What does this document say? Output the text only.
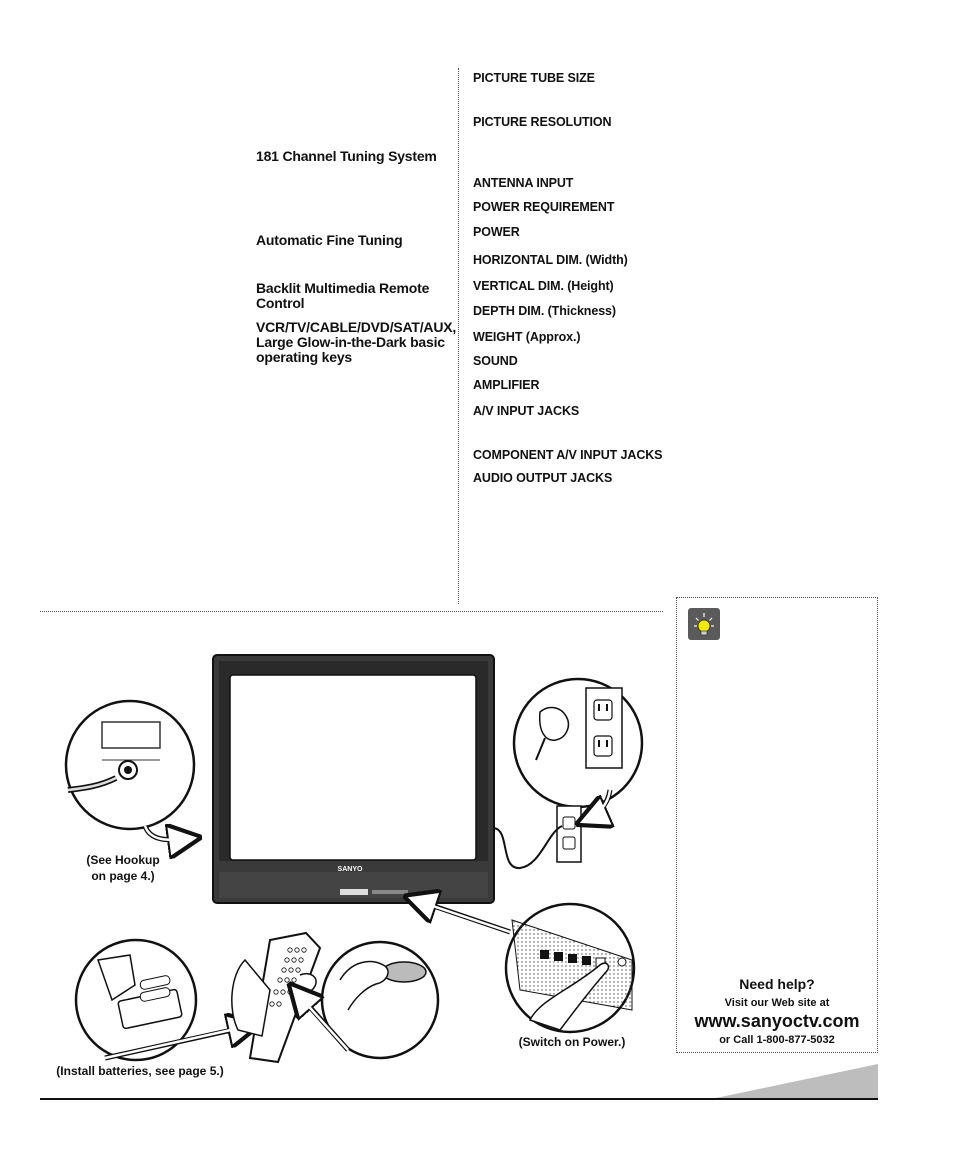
181 Channel Tuning System
Automatic Fine Tuning
Backlit Multimedia Remote Control
VCR/TV/CABLE/DVD/SAT/AUX, Large Glow-in-the-Dark basic operating keys
PICTURE TUBE SIZE
PICTURE RESOLUTION
ANTENNA INPUT
POWER REQUIREMENT
POWER
HORIZONTAL DIM. (Width)
VERTICAL DIM. (Height)
DEPTH DIM. (Thickness)
WEIGHT (Approx.)
SOUND
AMPLIFIER
A/V INPUT JACKS
COMPONENT A/V INPUT JACKS
AUDIO OUTPUT JACKS
SANYO
(See Hookup
on page 4.)
(Switch on Power.)
(Install batteries, see page 5.)
Need help?
Visit our Web site at
www.sanyoctv.com
or Call 1-800-877-5032
